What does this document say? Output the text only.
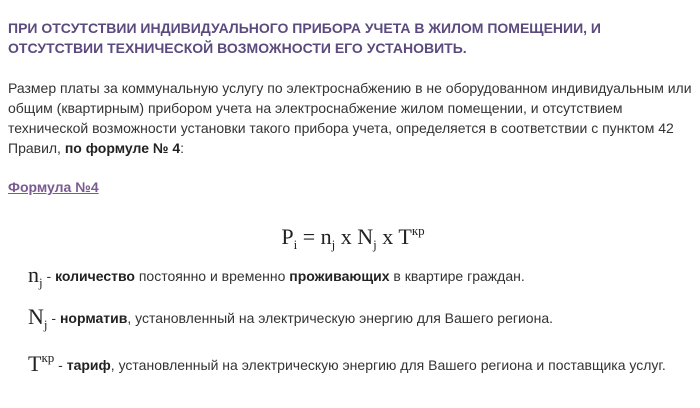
ПРИ ОТСУТСТВИИ ИНДИВИДУАЛЬНОГО ПРИБОРА УЧЕТА В ЖИЛОМ ПОМЕЩЕНИИ, И ОТСУТСТВИИ ТЕХНИЧЕСКОЙ ВОЗМОЖНОСТИ ЕГО УСТАНОВИТЬ.

Размер платы за коммунальную услугу по электроснабжению в не оборудованном индивидуальным или общим (квартирным) прибором учета на электроснабжение жилом помещении, и отсутствием технической возможности установки такого прибора учета, определяется в соответствии с пунктом 42 Правил, по формуле № 4:

Формула №4
$P_i = n_j$ x $N_j$ x $T^{кр}$
$n_j$ - количество постоянно и временно проживающих в квартире граждан.
$N_j$ - норматив, установленный на электрическую энергию для Вашего региона.
$T^{кр}$ - тариф, установленный на электрическую энергию для Вашего региона и поставщика услуг.
